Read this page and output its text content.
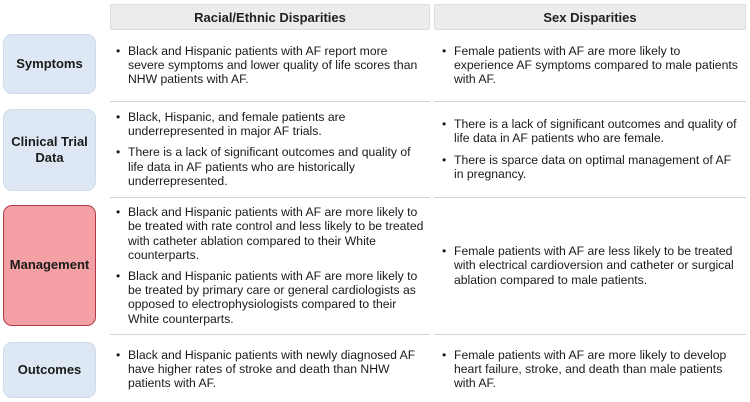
Racial/Ethnic Disparities	Sex Disparities
Symptoms
• Black and Hispanic patients with AF report more severe symptoms and lower quality of life scores than NHW patients with AF.
• Female patients with AF are more likely to experience AF symptoms compared to male patients with AF.
Clinical Trial Data
• Black, Hispanic, and female patients are underrepresented in major AF trials.
• There is a lack of significant outcomes and quality of life data in AF patients who are historically underrepresented.
• There is a lack of significant outcomes and quality of life data in AF patients who are female.
• There is sparce data on optimal management of AF in pregnancy.
Management
• Black and Hispanic patients with AF are more likely to be treated with rate control and less likely to be treated with catheter ablation compared to their White counterparts.
• Black and Hispanic patients with AF are more likely to be treated by primary care or general cardiologists as opposed to electrophysiologists compared to their White counterparts.
• Female patients with AF are less likely to be treated with electrical cardioversion and catheter or surgical ablation compared to male patients.
Outcomes
• Black and Hispanic patients with newly diagnosed AF have higher rates of stroke and death than NHW patients with AF.
• Female patients with AF are more likely to develop heart failure, stroke, and death than male patients with AF.
